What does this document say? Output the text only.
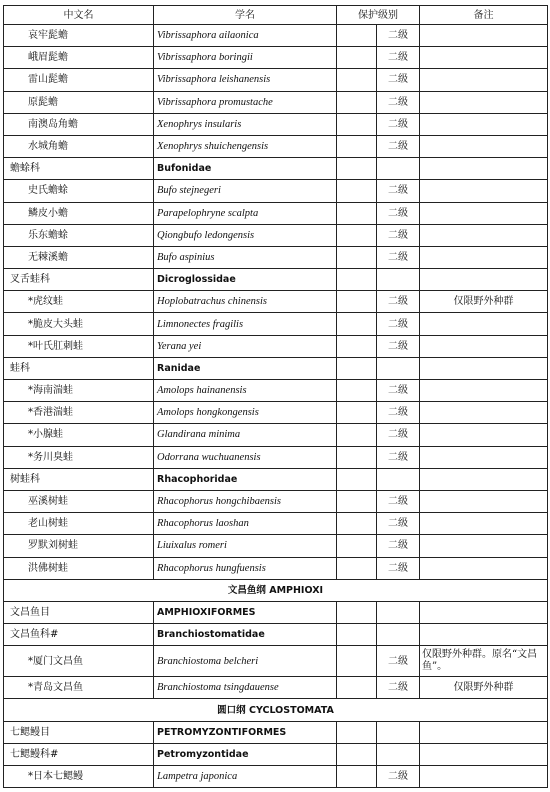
中文名	学名	保护级别		备注
哀牢髭蟾	Vibrissaphora ailaonica		二级	
峨眉髭蟾	Vibrissaphora boringii		二级	
雷山髭蟾	Vibrissaphora leishanensis		二级	
原髭蟾	Vibrissaphora promustache		二级	
南澳岛角蟾	Xenophrys insularis		二级	
水城角蟾	Xenophrys shuichengensis		二级	
蟾蜍科	Bufonidae			
史氏蟾蜍	Bufo stejnegeri		二级	
鳞皮小蟾	Parapelophryne scalpta		二级	
乐东蟾蜍	Qiongbufo ledongensis		二级	
无棘溪蟾	Bufo aspinius		二级	
叉舌蛙科	Dicroglossidae			
*虎纹蛙	Hoplobatrachus chinensis		二级	仅限野外种群
*脆皮大头蛙	Limnonectes fragilis		二级	
*叶氏肛刺蛙	Yerana yei		二级	
蛙科	Ranidae			
*海南湍蛙	Amolops hainanensis		二级	
*香港湍蛙	Amolops hongkongensis		二级	
*小腺蛙	Glandirana minima		二级	
*务川臭蛙	Odorrana wuchuanensis		二级	
树蛙科	Rhacophoridae			
巫溪树蛙	Rhacophorus hongchibaensis		二级	
老山树蛙	Rhacophorus laoshan		二级	
罗默刘树蛙	Liuixalus romeri		二级	
洪佛树蛙	Rhacophorus hungfuensis		二级	
文昌鱼纲 AMPHIOXI				
文昌鱼目	AMPHIOXIFORMES			
文昌鱼科#	Branchiostomatidae			
*厦门文昌鱼	Branchiostoma belcheri		二级	仅限野外种群。原名“文昌鱼”。
*青岛文昌鱼	Branchiostoma tsingdauense		二级	仅限野外种群
圆口纲 CYCLOSTOMATA				
七鳃鳗目	PETROMYZONTIFORMES			
七鳃鳗科#	Petromyzontidae			
*日本七鳃鳗	Lampetra japonica		二级	
